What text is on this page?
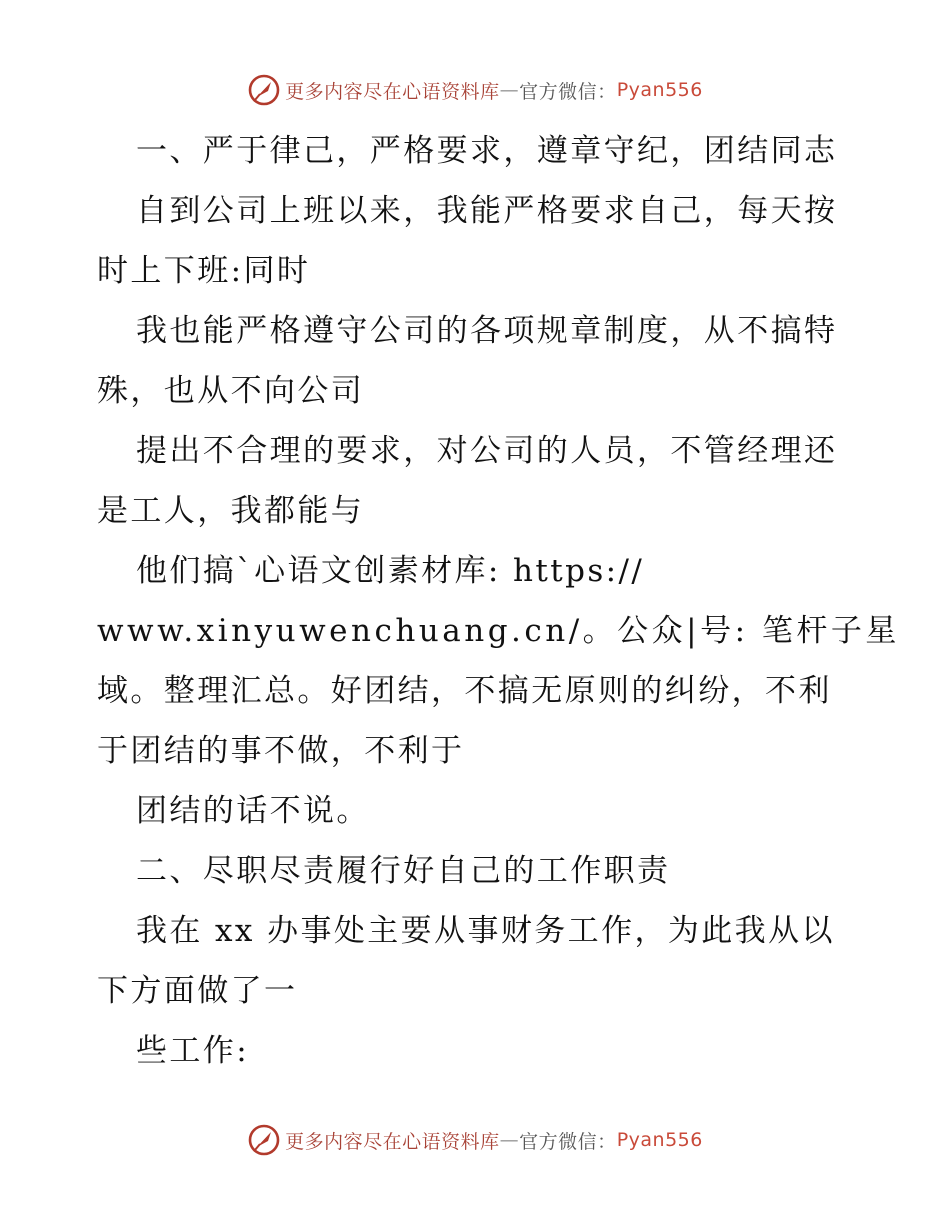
更多内容尽在心语资料库 — 官方微信： Pyan556

一、严于律己，严格要求，遵章守纪，团结同志

自到公司上班以来，我能严格要求自己，每天按

时上下班:同时

我也能严格遵守公司的各项规章制度，从不搞特

殊，也从不向公司

提出不合理的要求，对公司的人员，不管经理还

是工人，我都能与

他们搞`心语文创素材库: https://

www.xinyuwenchuang.cn/。公众|号: 笔杆子星

域。整理汇总。好团结，不搞无原则的纠纷，不利

于团结的事不做，不利于

团结的话不说。

二、尽职尽责履行好自己的工作职责

我在 xx 办事处主要从事财务工作，为此我从以

下方面做了一

些工作:

更多内容尽在心语资料库 — 官方微信： Pyan556
